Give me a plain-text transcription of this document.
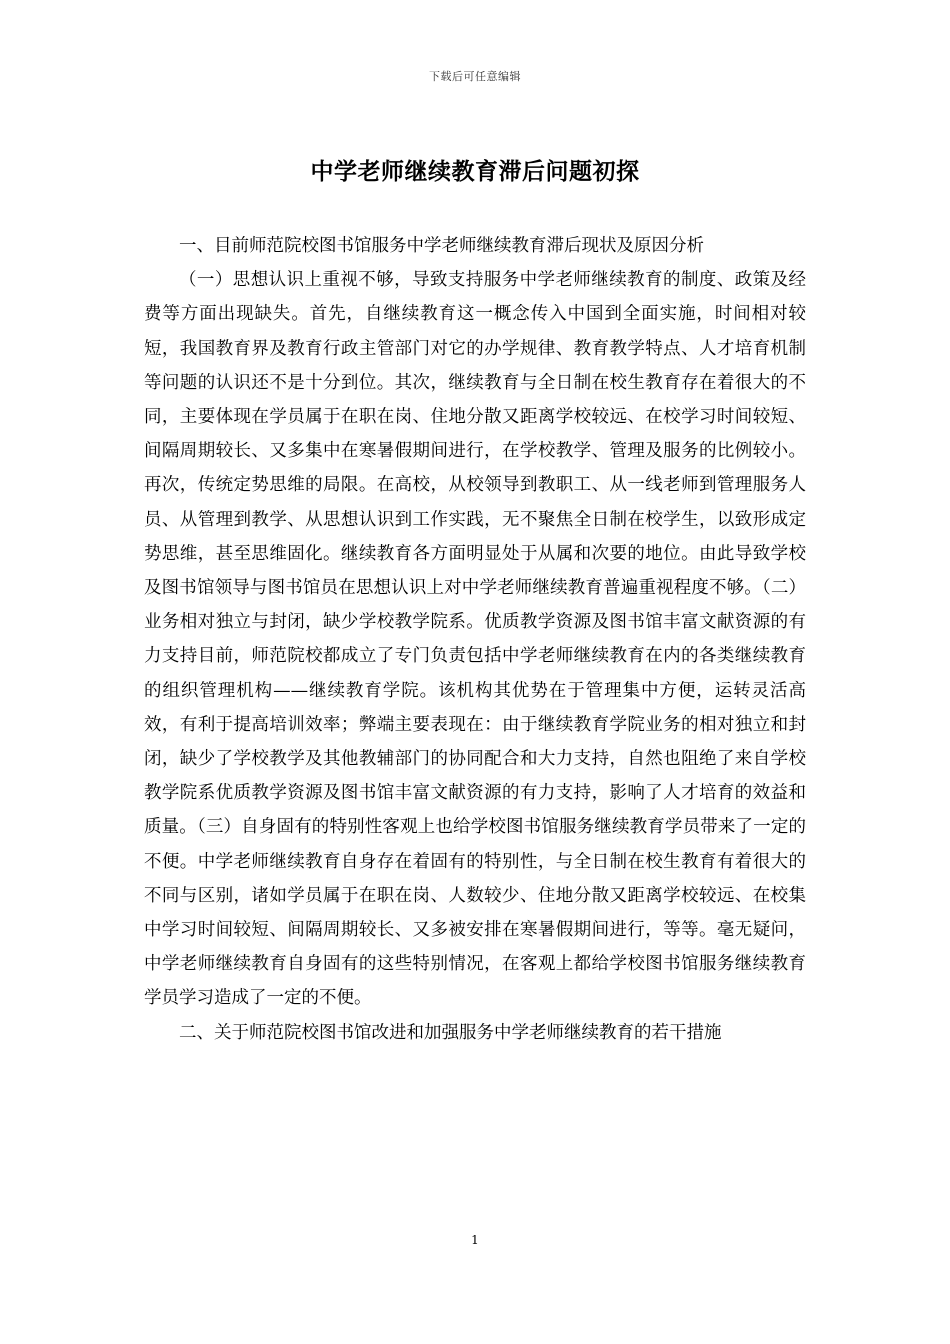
下载后可任意编辑
中学老师继续教育滞后问题初探

一、目前师范院校图书馆服务中学老师继续教育滞后现状及原因分析

（一）思想认识上重视不够，导致支持服务中学老师继续教育的制度、政策及经费等方面出现缺失。首先，自继续教育这一概念传入中国到全面实施，时间相对较短，我国教育界及教育行政主管部门对它的办学规律、教育教学特点、人才培育机制等问题的认识还不是十分到位。其次，继续教育与全日制在校生教育存在着很大的不同，主要体现在学员属于在职在岗、住地分散又距离学校较远、在校学习时间较短、间隔周期较长、又多集中在寒暑假期间进行，在学校教学、管理及服务的比例较小。再次，传统定势思维的局限。在高校，从校领导到教职工、从一线老师到管理服务人员、从管理到教学、从思想认识到工作实践，无不聚焦全日制在校学生，以致形成定势思维，甚至思维固化。继续教育各方面明显处于从属和次要的地位。由此导致学校及图书馆领导与图书馆员在思想认识上对中学老师继续教育普遍重视程度不够。（二）业务相对独立与封闭，缺少学校教学院系。优质教学资源及图书馆丰富文献资源的有力支持目前，师范院校都成立了专门负责包括中学老师继续教育在内的各类继续教育的组织管理机构——继续教育学院。该机构其优势在于管理集中方便，运转灵活高效，有利于提高培训效率；弊端主要表现在：由于继续教育学院业务的相对独立和封闭，缺少了学校教学及其他教辅部门的协同配合和大力支持，自然也阻绝了来自学校教学院系优质教学资源及图书馆丰富文献资源的有力支持，影响了人才培育的效益和质量。（三）自身固有的特别性客观上也给学校图书馆服务继续教育学员带来了一定的不便。中学老师继续教育自身存在着固有的特别性，与全日制在校生教育有着很大的不同与区别，诸如学员属于在职在岗、人数较少、住地分散又距离学校较远、在校集中学习时间较短、间隔周期较长、又多被安排在寒暑假期间进行，等等。毫无疑问，中学老师继续教育自身固有的这些特别情况，在客观上都给学校图书馆服务继续教育学员学习造成了一定的不便。

二、关于师范院校图书馆改进和加强服务中学老师继续教育的若干措施

1
